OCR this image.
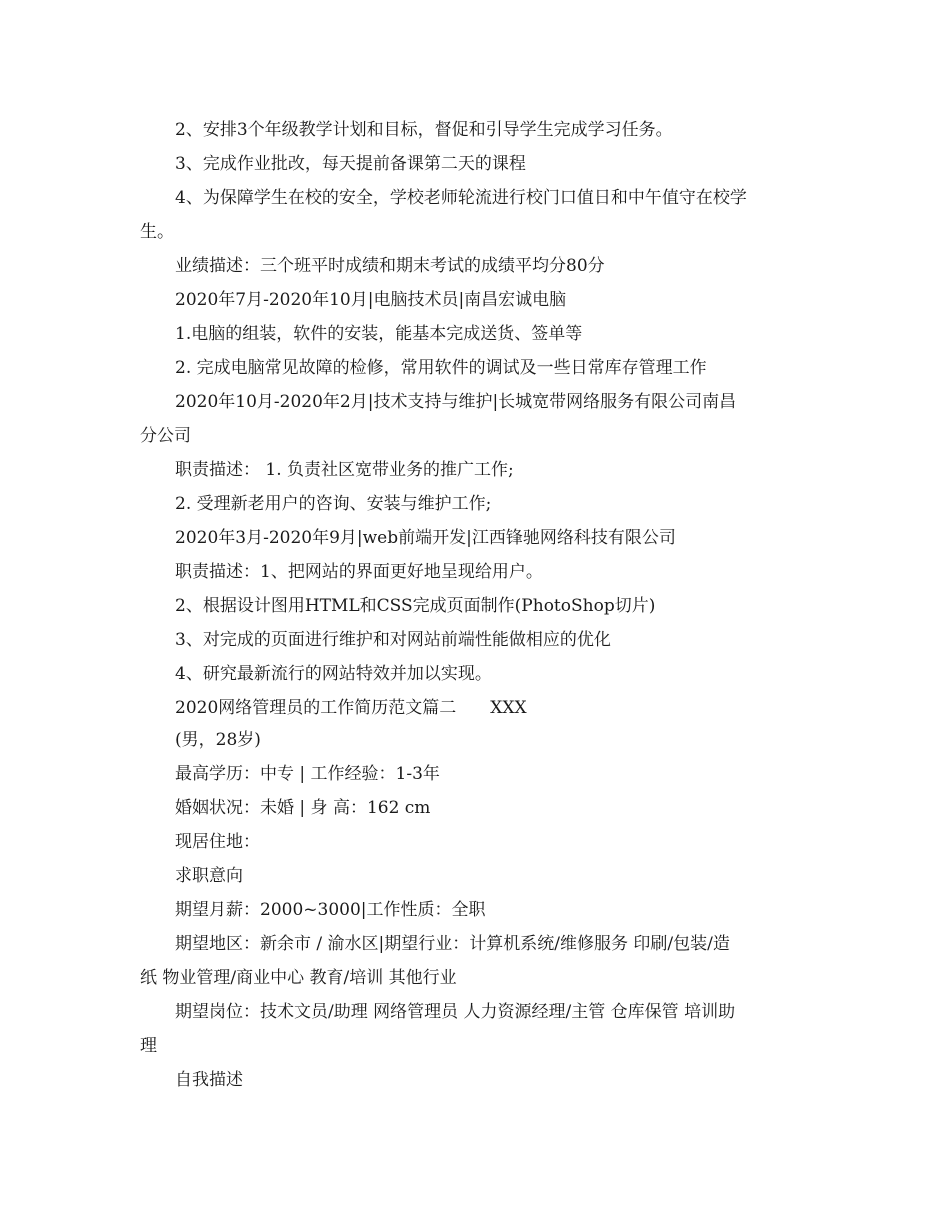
2、安排3个年级教学计划和目标，督促和引导学生完成学习任务。
3、完成作业批改，每天提前备课第二天的课程
4、为保障学生在校的安全，学校老师轮流进行校门口值日和中午值守在校学
生。
业绩描述：三个班平时成绩和期末考试的成绩平均分80分
2020年7月-2020年10月|电脑技术员|南昌宏诚电脑
1.电脑的组装，软件的安装，能基本完成送货、签单等
2. 完成电脑常见故障的检修，常用软件的调试及一些日常库存管理工作
2020年10月-2020年2月|技术支持与维护|长城宽带网络服务有限公司南昌
分公司
职责描述： 1. 负责社区宽带业务的推广工作;
2. 受理新老用户的咨询、安装与维护工作;
2020年3月-2020年9月|web前端开发|江西锋驰网络科技有限公司
职责描述：1、把网站的界面更好地呈现给用户。
2、根据设计图用HTML和CSS完成页面制作(PhotoShop切片)
3、对完成的页面进行维护和对网站前端性能做相应的优化
4、研究最新流行的网站特效并加以实现。
2020网络管理员的工作简历范文篇二　　XXX
(男，28岁)
最高学历：中专 | 工作经验：1-3年
婚姻状况：未婚 | 身 高：162 cm
现居住地：
求职意向
期望月薪：2000~3000|工作性质：全职
期望地区：新余市 / 渝水区|期望行业：计算机系统/维修服务 印刷/包装/造
纸 物业管理/商业中心 教育/培训 其他行业
期望岗位：技术文员/助理 网络管理员 人力资源经理/主管 仓库保管 培训助
理
自我描述
